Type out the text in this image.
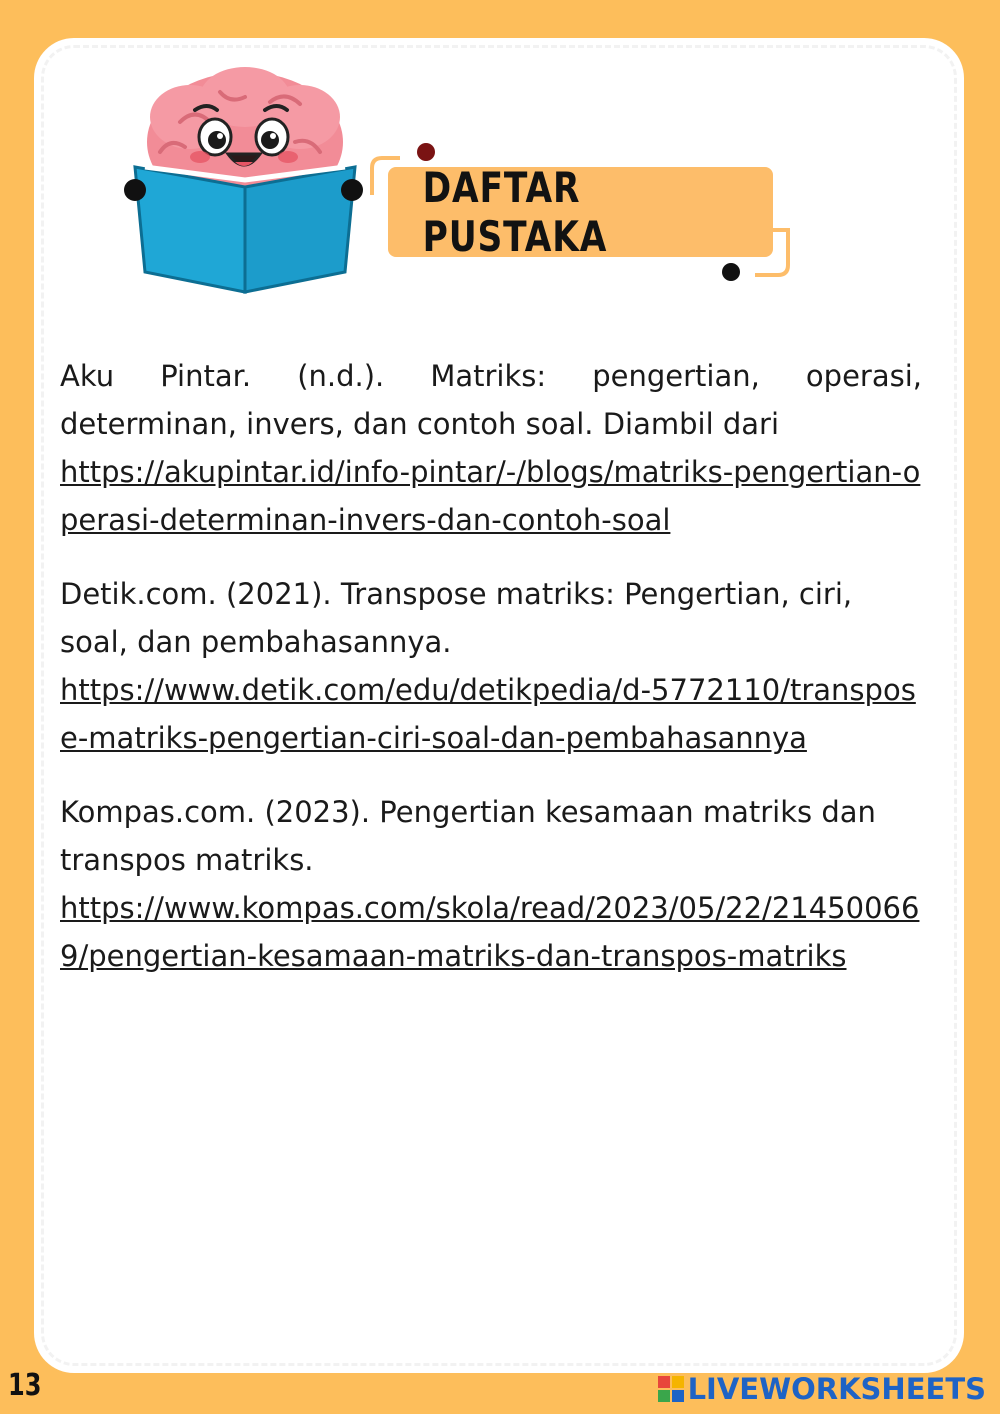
DAFTAR PUSTAKA
Aku Pintar. (n.d.). Matriks: pengertian, operasi, determinan, invers, dan contoh soal. Diambil dari
https://akupintar.id/info-pintar/-/blogs/matriks-pengertian-operasi-determinan-invers-dan-contoh-soal
Detik.com. (2021). Transpose matriks: Pengertian, ciri, soal, dan pembahasannya.
https://www.detik.com/edu/detikpedia/d-5772110/transpose-matriks-pengertian-ciri-soal-dan-pembahasannya
Kompas.com. (2023). Pengertian kesamaan matriks dan transpos matriks.
https://www.kompas.com/skola/read/2023/05/22/214500669/pengertian-kesamaan-matriks-dan-transpos-matriks
13	LIVEWORKSHEETS
